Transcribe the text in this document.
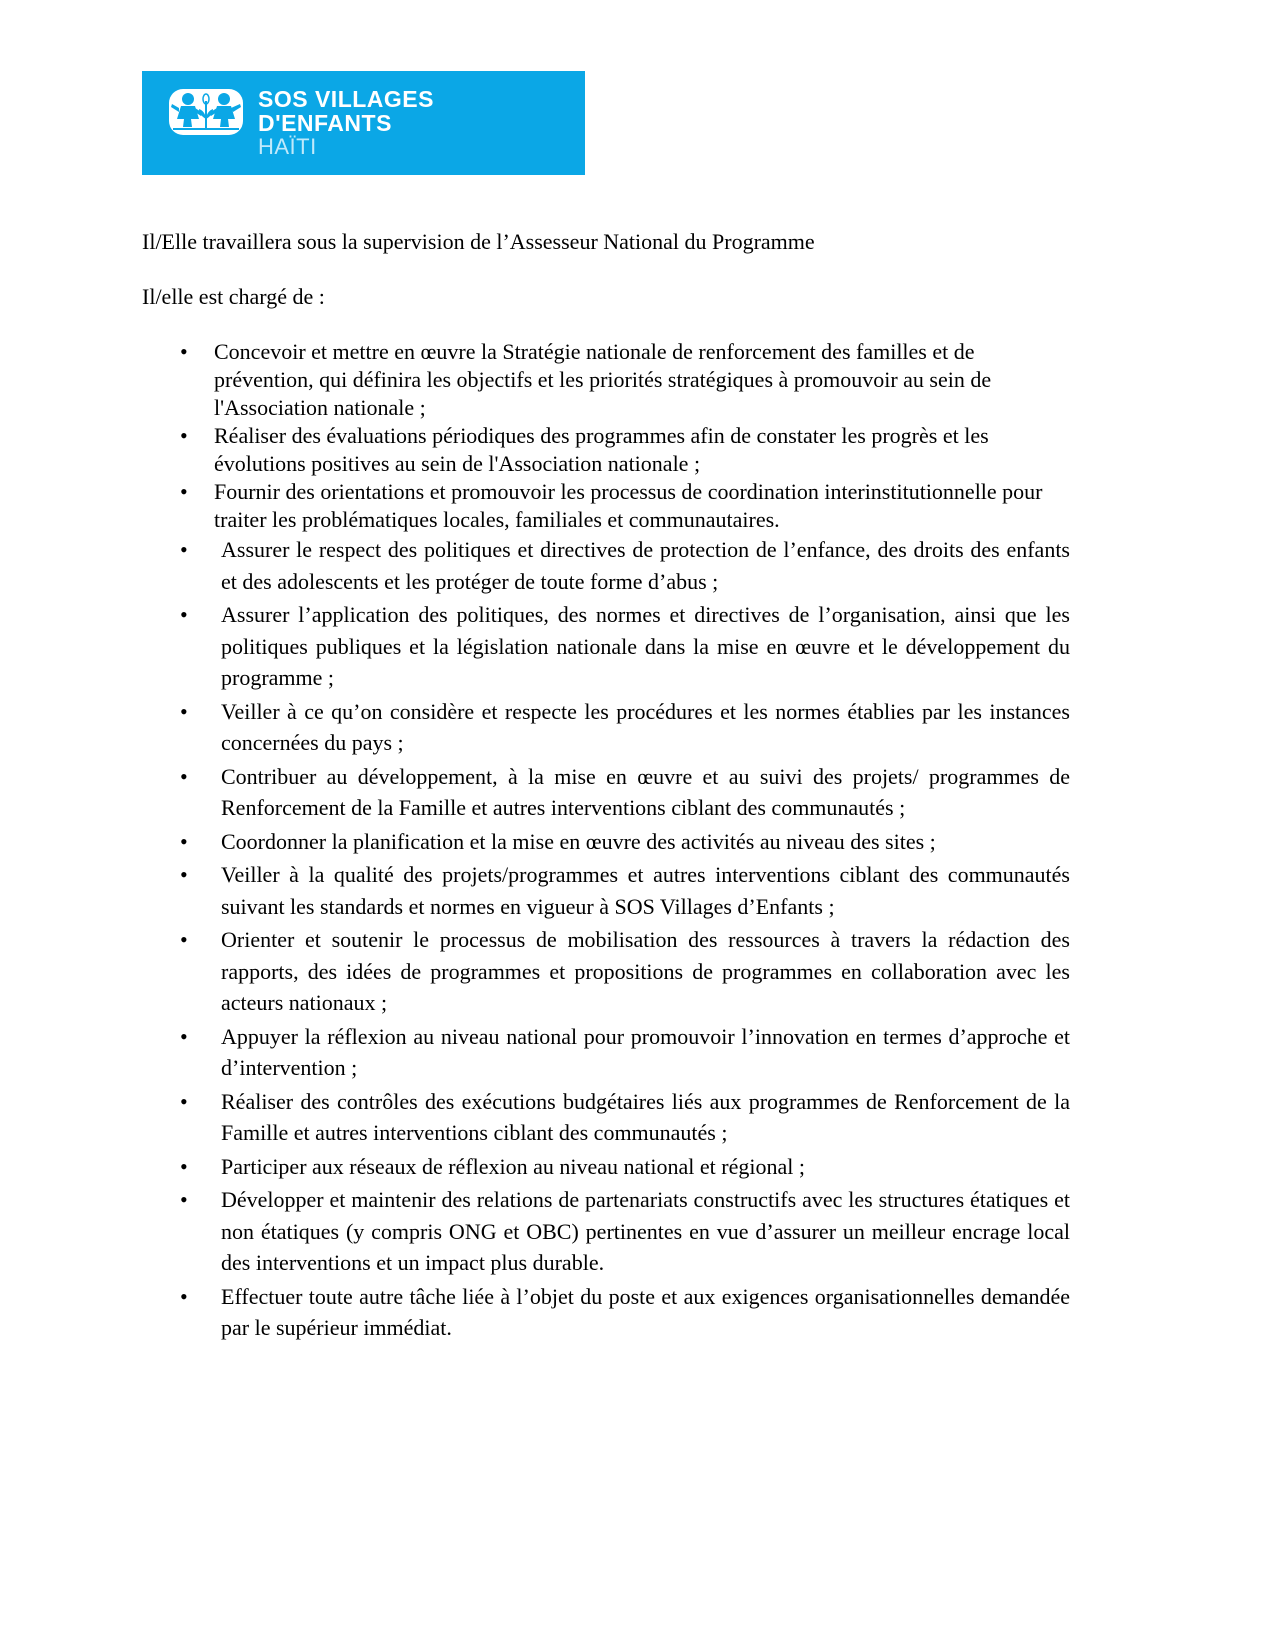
SOS VILLAGES
D'ENFANTS
HAÏTI
Il/Elle travaillera sous la supervision de l’Assesseur National du Programme
Il/elle est chargé de :
• Concevoir et mettre en œuvre la Stratégie nationale de renforcement des familles et de prévention, qui définira les objectifs et les priorités stratégiques à promouvoir au sein de l'Association nationale ;
• Réaliser des évaluations périodiques des programmes afin de constater les progrès et les évolutions positives au sein de l'Association nationale ;
• Fournir des orientations et promouvoir les processus de coordination interinstitutionnelle pour traiter les problématiques locales, familiales et communautaires.
• Assurer le respect des politiques et directives de protection de l’enfance, des droits des enfants et des adolescents et les protéger de toute forme d’abus ;
• Assurer l’application des politiques, des normes et directives de l’organisation, ainsi que les politiques publiques et la législation nationale dans la mise en œuvre et le développement du programme ;
• Veiller à ce qu’on considère et respecte les procédures et les normes établies par les instances concernées du pays ;
• Contribuer au développement, à la mise en œuvre et au suivi des projets/ programmes de Renforcement de la Famille et autres interventions ciblant des communautés ;
• Coordonner la planification et la mise en œuvre des activités au niveau des sites ;
• Veiller à la qualité des projets/programmes et autres interventions ciblant des communautés suivant les standards et normes en vigueur à SOS Villages d’Enfants ;
• Orienter et soutenir le processus de mobilisation des ressources à travers la rédaction des rapports, des idées de programmes et propositions de programmes en collaboration avec les acteurs nationaux ;
• Appuyer la réflexion au niveau national pour promouvoir l’innovation en termes d’approche et d’intervention ;
• Réaliser des contrôles des exécutions budgétaires liés aux programmes de Renforcement de la Famille et autres interventions ciblant des communautés ;
• Participer aux réseaux de réflexion au niveau national et régional ;
• Développer et maintenir des relations de partenariats constructifs avec les structures étatiques et non étatiques (y compris ONG et OBC) pertinentes en vue d’assurer un meilleur encrage local des interventions et un impact plus durable.
• Effectuer toute autre tâche liée à l’objet du poste et aux exigences organisationnelles demandée par le supérieur immédiat.
